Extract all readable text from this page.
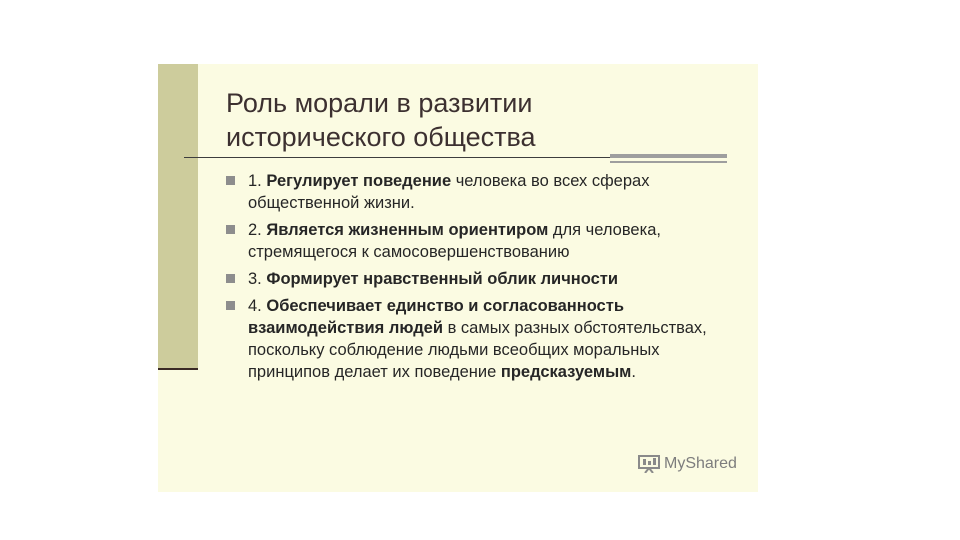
Роль морали в развитии исторического общества
1. Регулирует поведение человека во всех сферах общественной жизни.
2. Является жизненным ориентиром для человека, стремящегося к самосовершенствованию
3. Формирует нравственный облик личности
4. Обеспечивает единство и согласованность взаимодействия людей в самых разных обстоятельствах, поскольку соблюдение людьми всеобщих моральных принципов делает их поведение предсказуемым.
MyShared
